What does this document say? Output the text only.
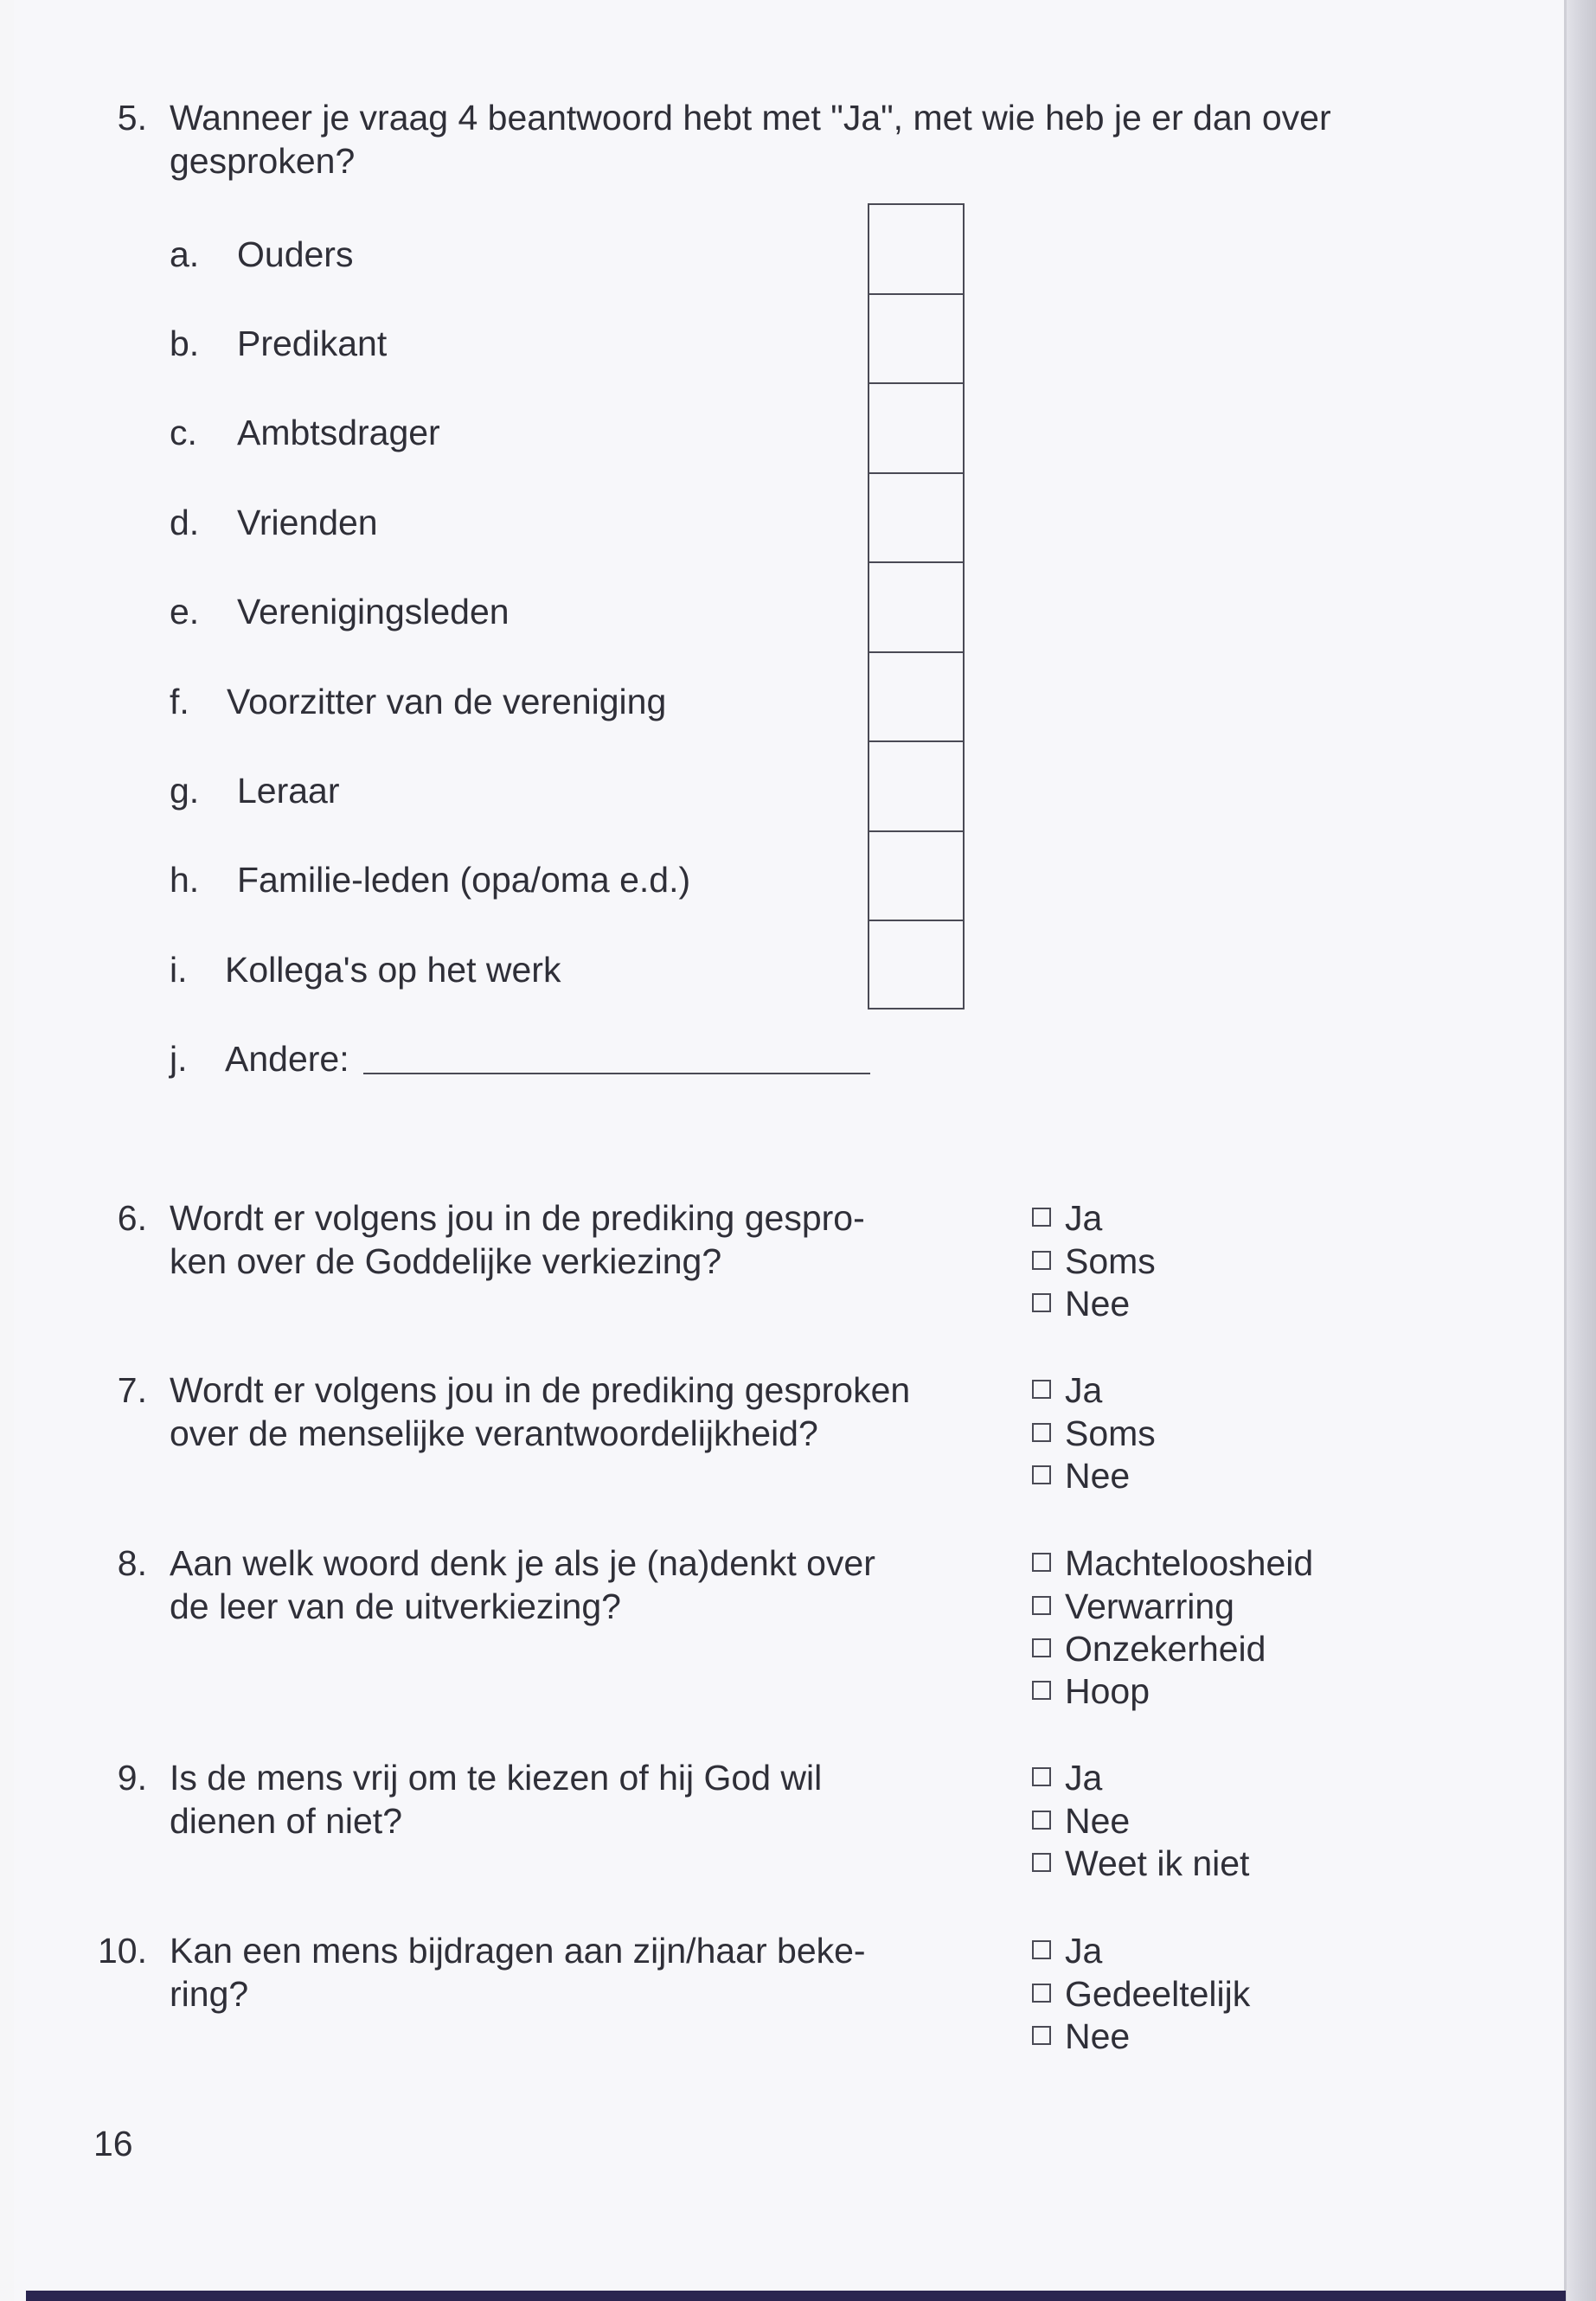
5. Wanneer je vraag 4 beantwoord hebt met "Ja", met wie heb je er dan over
gesproken?
a. Ouders
b. Predikant
c. Ambtsdrager
d. Vrienden
e. Verenigingsleden
f. Voorzitter van de vereniging
g. Leraar
h. Familie-leden (opa/oma e.d.)
i. Kollega's op het werk
j. Andere:
6. Wordt er volgens jou in de prediking gespro-
ken over de Goddelijke verkiezing?
Ja
Soms
Nee
7. Wordt er volgens jou in de prediking gesproken
over de menselijke verantwoordelijkheid?
Ja
Soms
Nee
8. Aan welk woord denk je als je (na)denkt over
de leer van de uitverkiezing?
Machteloosheid
Verwarring
Onzekerheid
Hoop
9. Is de mens vrij om te kiezen of hij God wil
dienen of niet?
Ja
Nee
Weet ik niet
10. Kan een mens bijdragen aan zijn/haar beke-
ring?
Ja
Gedeeltelijk
Nee
16
